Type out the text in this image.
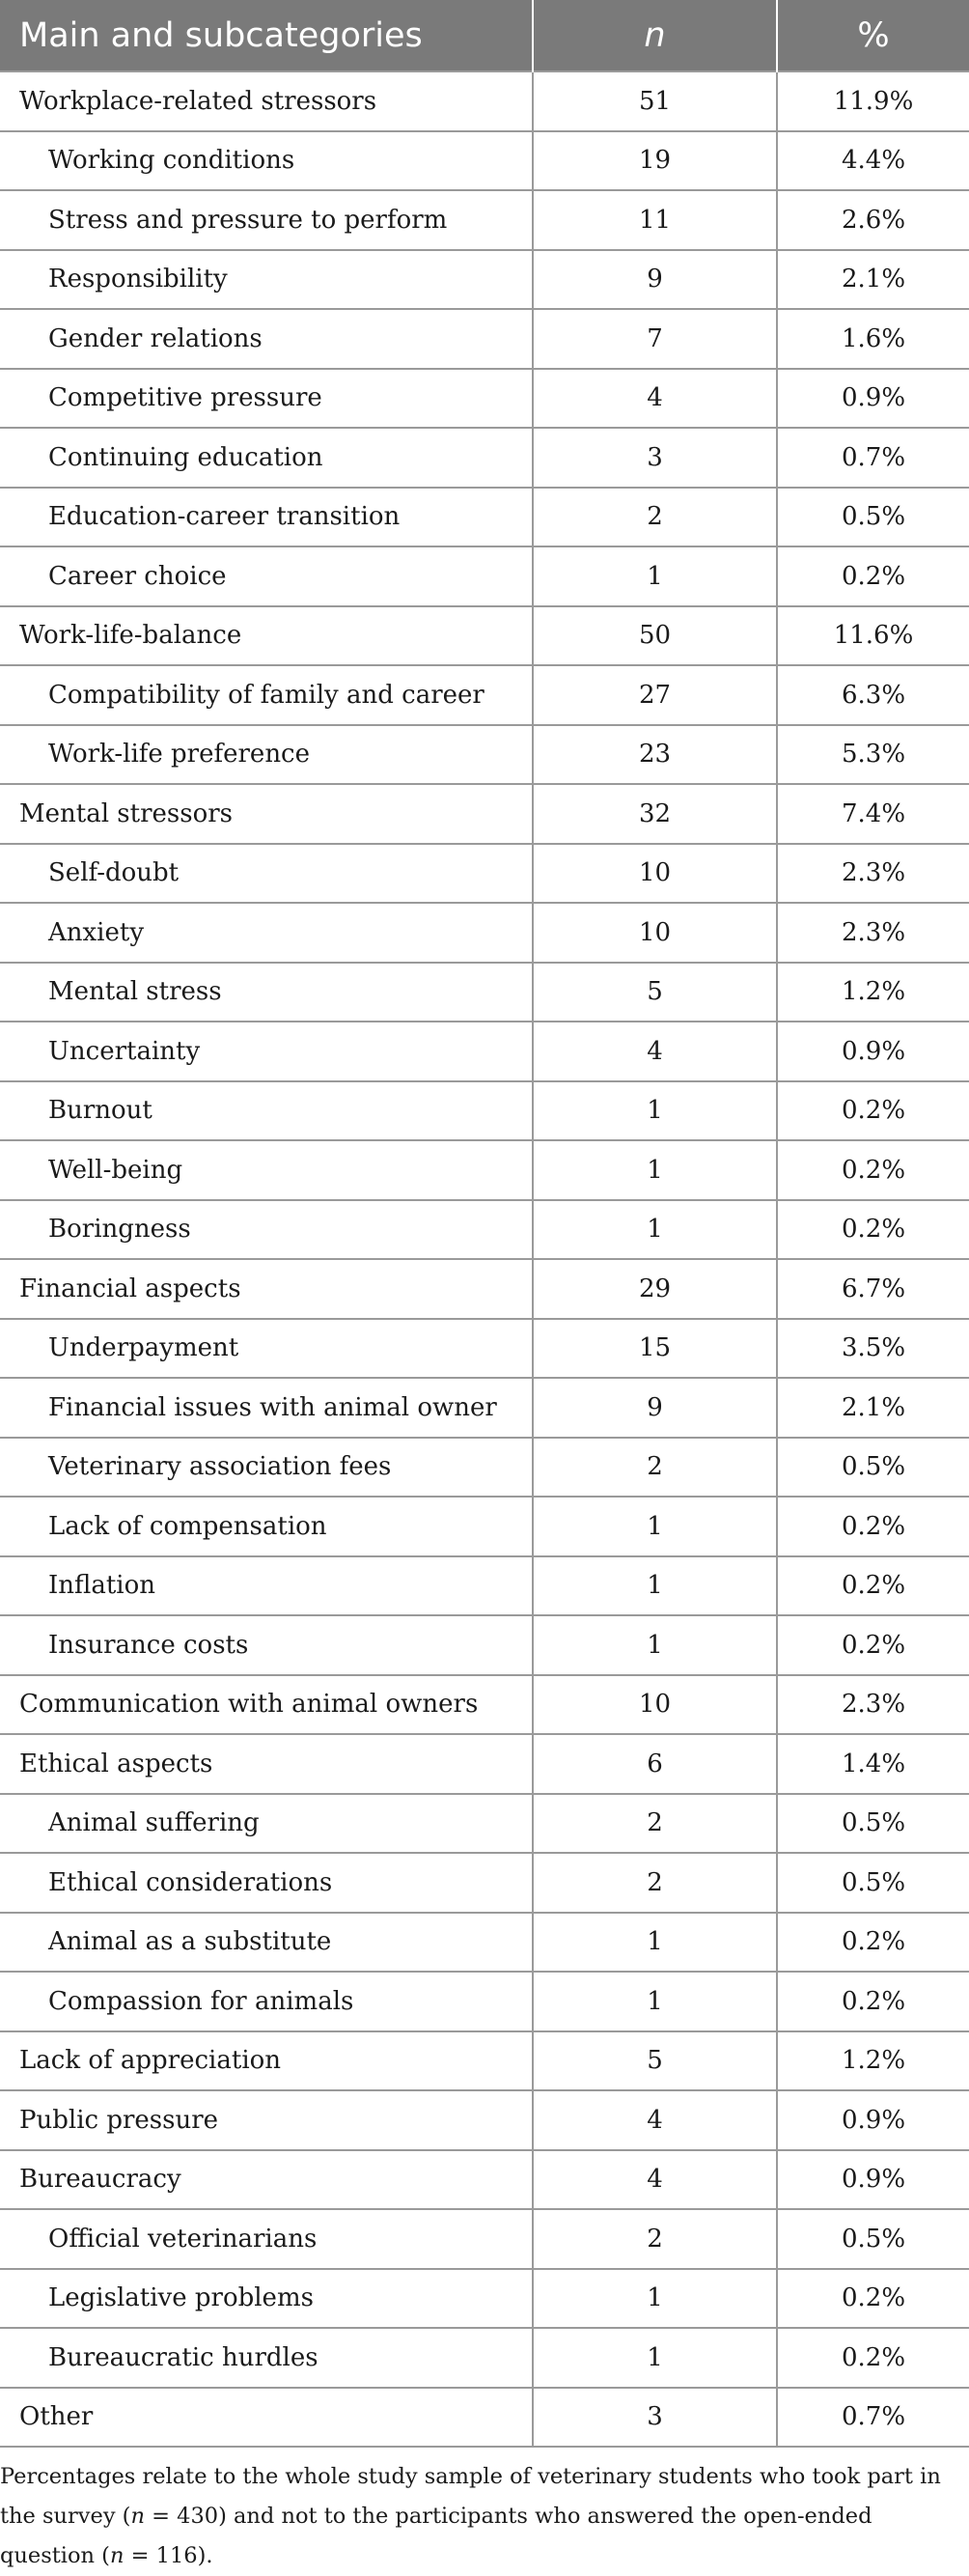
Main and subcategories	n	%
Workplace-related stressors	51	11.9%
Working conditions	19	4.4%
Stress and pressure to perform	11	2.6%
Responsibility	9	2.1%
Gender relations	7	1.6%
Competitive pressure	4	0.9%
Continuing education	3	0.7%
Education-career transition	2	0.5%
Career choice	1	0.2%
Work-life-balance	50	11.6%
Compatibility of family and career	27	6.3%
Work-life preference	23	5.3%
Mental stressors	32	7.4%
Self-doubt	10	2.3%
Anxiety	10	2.3%
Mental stress	5	1.2%
Uncertainty	4	0.9%
Burnout	1	0.2%
Well-being	1	0.2%
Boringness	1	0.2%
Financial aspects	29	6.7%
Underpayment	15	3.5%
Financial issues with animal owner	9	2.1%
Veterinary association fees	2	0.5%
Lack of compensation	1	0.2%
Inflation	1	0.2%
Insurance costs	1	0.2%
Communication with animal owners	10	2.3%
Ethical aspects	6	1.4%
Animal suffering	2	0.5%
Ethical considerations	2	0.5%
Animal as a substitute	1	0.2%
Compassion for animals	1	0.2%
Lack of appreciation	5	1.2%
Public pressure	4	0.9%
Bureaucracy	4	0.9%
Official veterinarians	2	0.5%
Legislative problems	1	0.2%
Bureaucratic hurdles	1	0.2%
Other	3	0.7%
Percentages relate to the whole study sample of veterinary students who took part in the survey (n = 430) and not to the participants who answered the open-ended question (n = 116).
